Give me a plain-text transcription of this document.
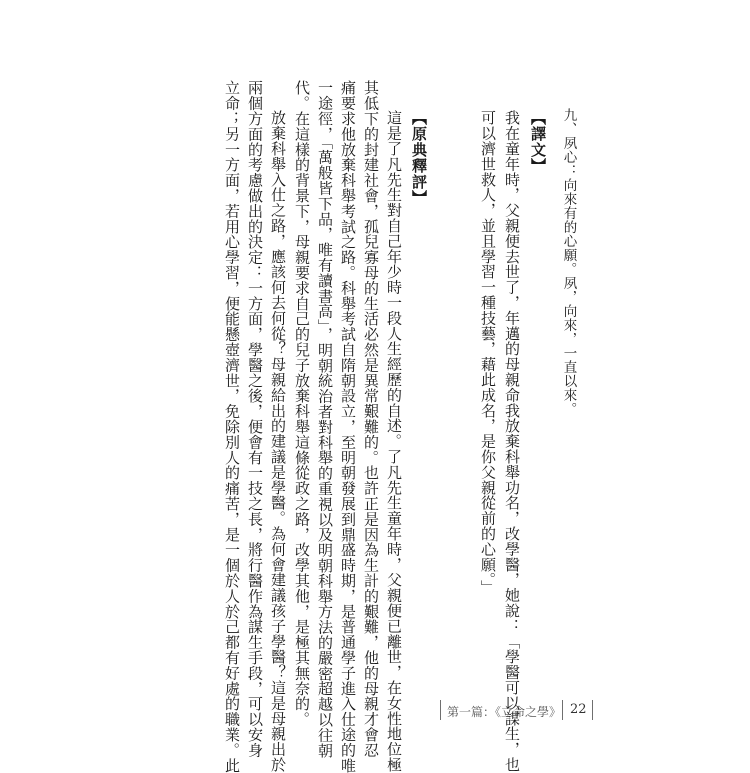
九、夙心：向來有的心願。夙，向來，一直以來。
【譯文】
我在童年時，父親便去世了，年邁的母親命我放棄科舉功名，改學醫，她說：「學醫可以謀生，也
可以濟世救人，並且學習一種技藝，藉此成名，是你父親從前的心願。」
【原典釋評】
這是了凡先生對自己年少時一段人生經歷的自述。了凡先生童年時，父親便已離世，在女性地位極
其低下的封建社會，孤兒寡母的生活必然是異常艱難的。也許正是因為生計的艱難，他的母親才會忍
痛要求他放棄科舉考試之路。科舉考試自隋朝設立，至明朝發展到鼎盛時期，是普通學子進入仕途的唯
一途徑，「萬般皆下品，唯有讀書高」，明朝統治者對科舉的重視以及明朝科舉方法的嚴密超越以往朝
代。在這樣的背景下，母親要求自己的兒子放棄科舉這條從政之路，改學其他，是極其無奈的。
放棄科舉入仕之路，應該何去何從？母親給出的建議是學醫。為何會建議孩子學醫？這是母親出於
兩個方面的考慮做出的決定：一方面，學醫之後，便會有一技之長，將行醫作為謀生手段，可以安身
立命；另一方面，若用心學習，便能懸壺濟世，免除別人的痛苦，是一個於人於己都有好處的職業。此	第一篇：《立命之學》 22
